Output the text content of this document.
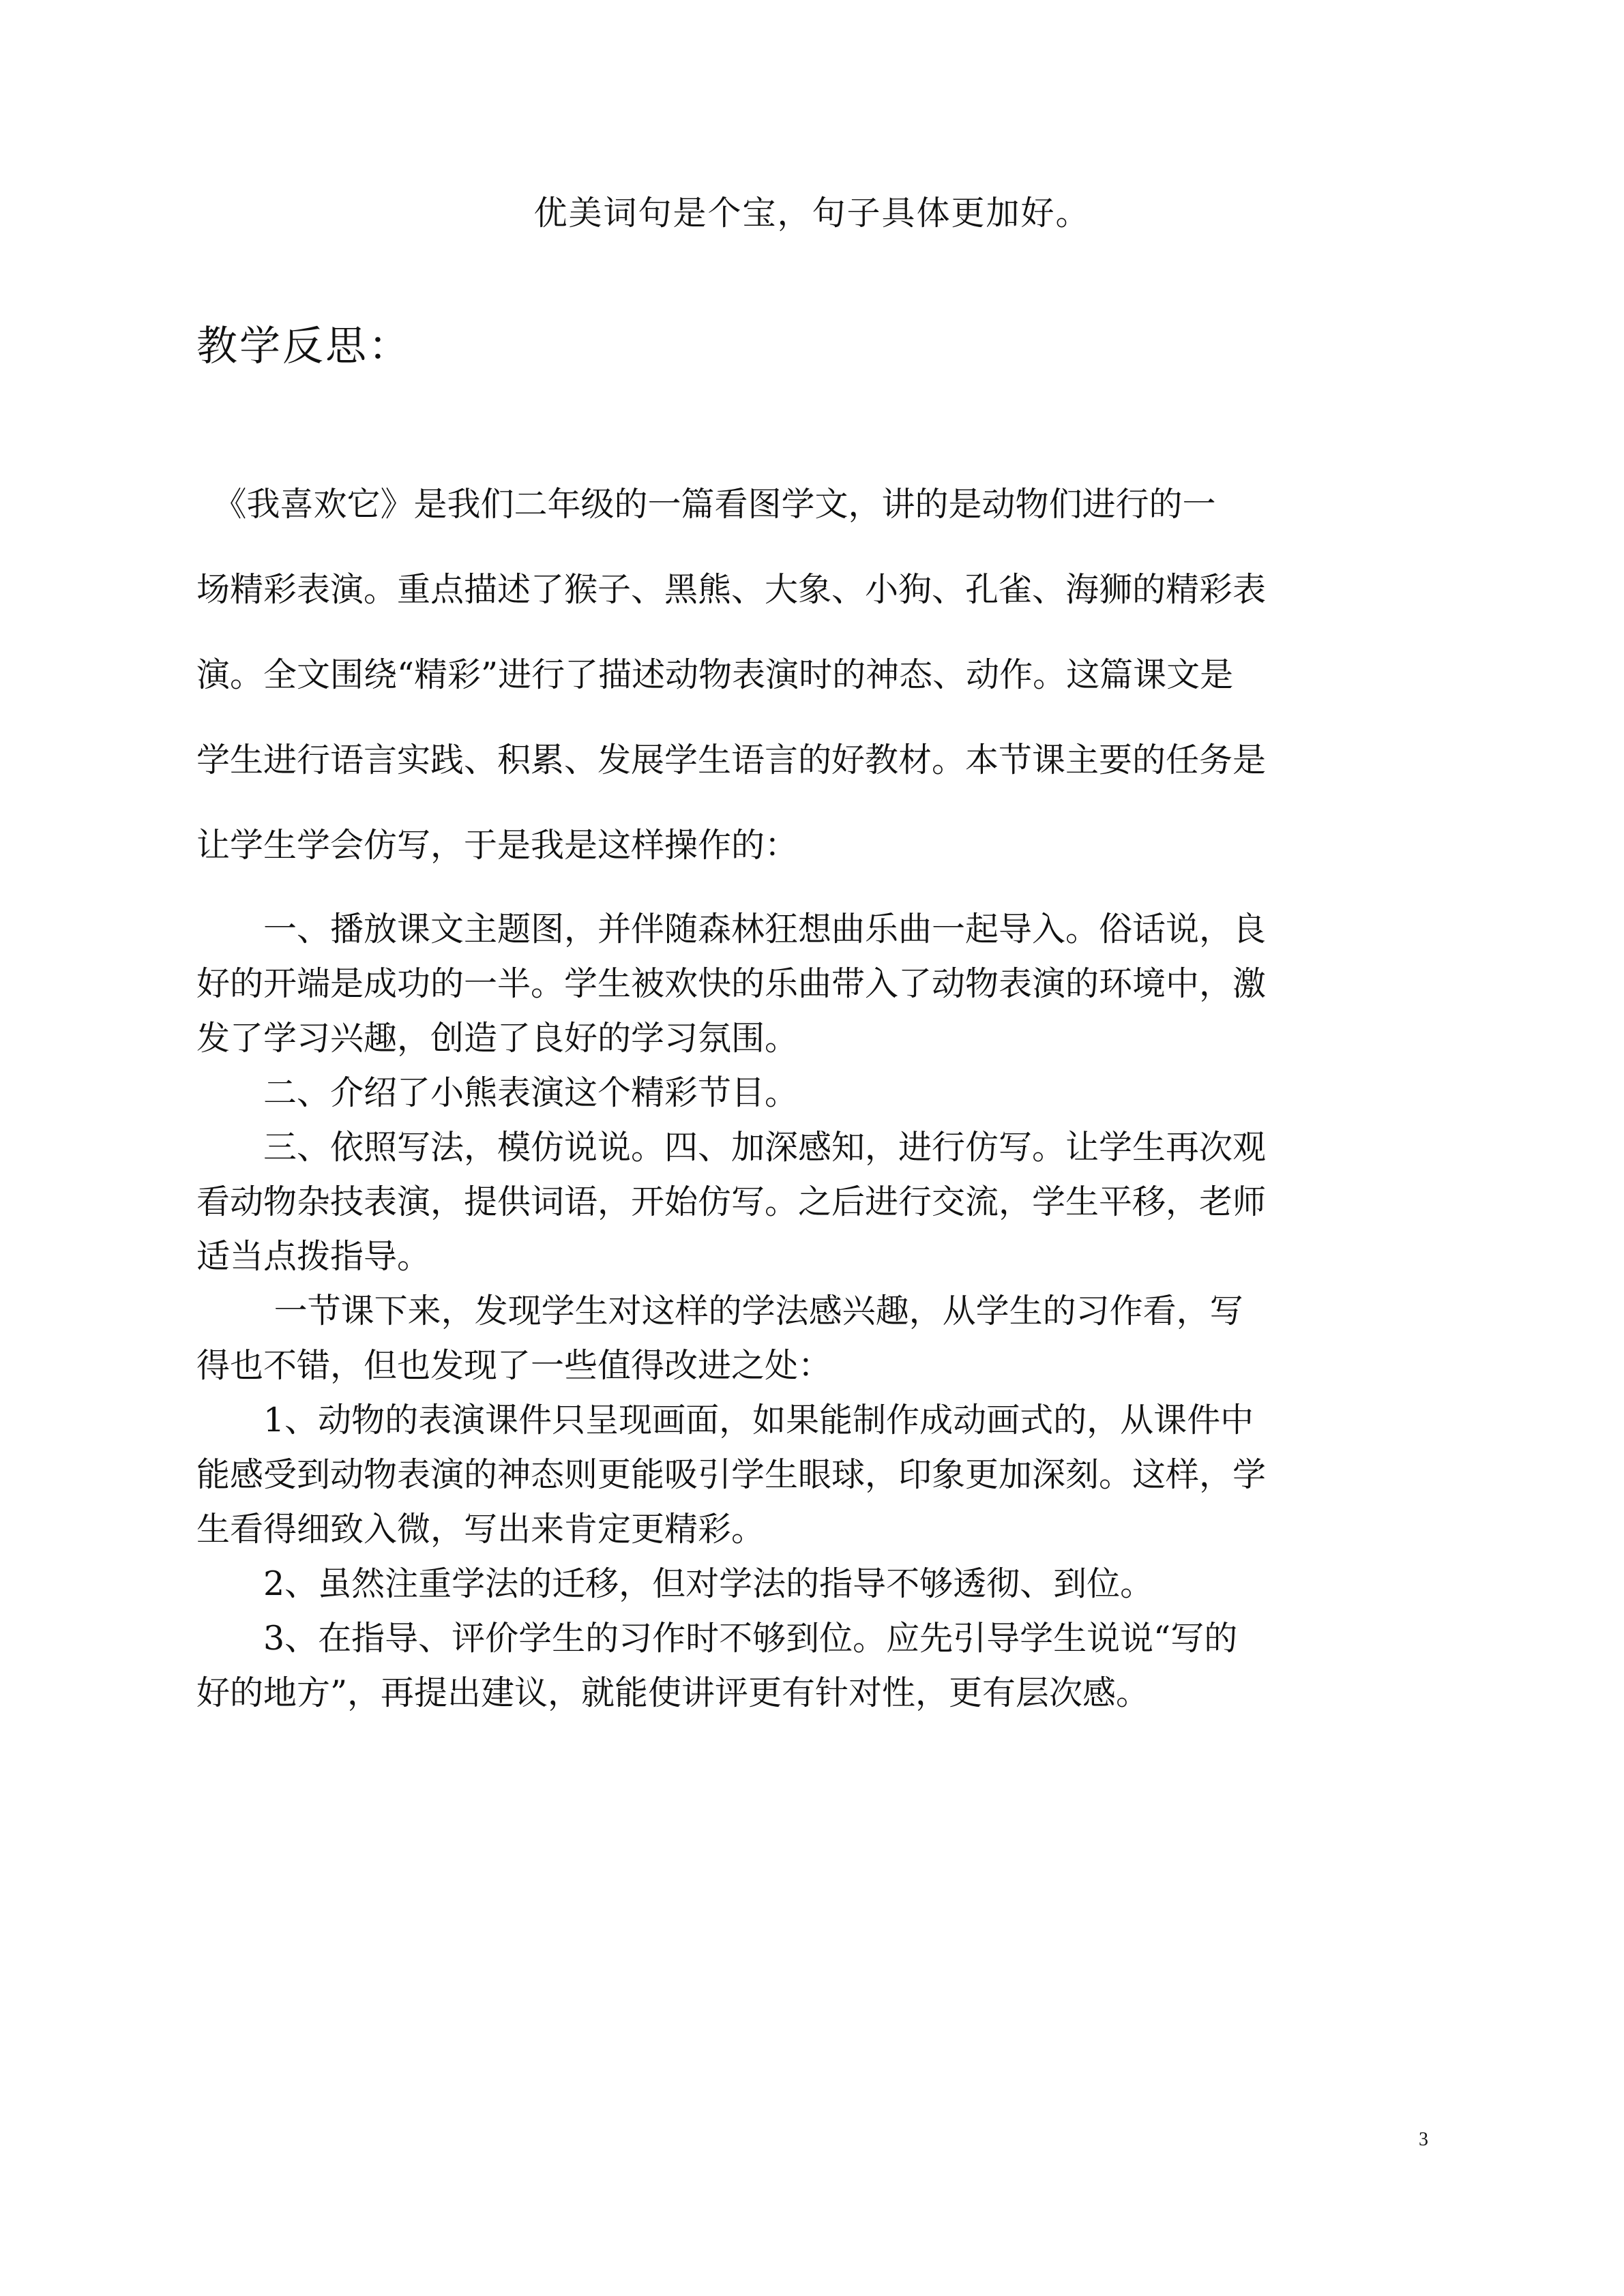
优美词句是个宝，句子具体更加好。
教学反思：
　《我喜欢它》是我们二年级的一篇看图学文，讲的是动物们进行的一
场精彩表演。重点描述了猴子、黑熊、大象、小狗、孔雀、海狮的精彩表
演。全文围绕“精彩”进行了描述动物表演时的神态、动作。这篇课文是
学生进行语言实践、积累、发展学生语言的好教材。本节课主要的任务是
让学生学会仿写，于是我是这样操作的：
　　一、播放课文主题图，并伴随森林狂想曲乐曲一起导入。俗话说，良
好的开端是成功的一半。学生被欢快的乐曲带入了动物表演的环境中，激
发了学习兴趣，创造了良好的学习氛围。
　　二、介绍了小熊表演这个精彩节目。
　　三、依照写法，模仿说说。四、加深感知，进行仿写。让学生再次观
看动物杂技表演，提供词语，开始仿写。之后进行交流，学生平移，老师
适当点拨指导。
　　 一节课下来，发现学生对这样的学法感兴趣，从学生的习作看，写
得也不错，但也发现了一些值得改进之处：
　　1、动物的表演课件只呈现画面，如果能制作成动画式的，从课件中
能感受到动物表演的神态则更能吸引学生眼球，印象更加深刻。这样，学
生看得细致入微，写出来肯定更精彩。
　　2、虽然注重学法的迁移，但对学法的指导不够透彻、到位。
　　3、在指导、评价学生的习作时不够到位。应先引导学生说说“写的
好的地方”，再提出建议，就能使讲评更有针对性，更有层次感。
3
